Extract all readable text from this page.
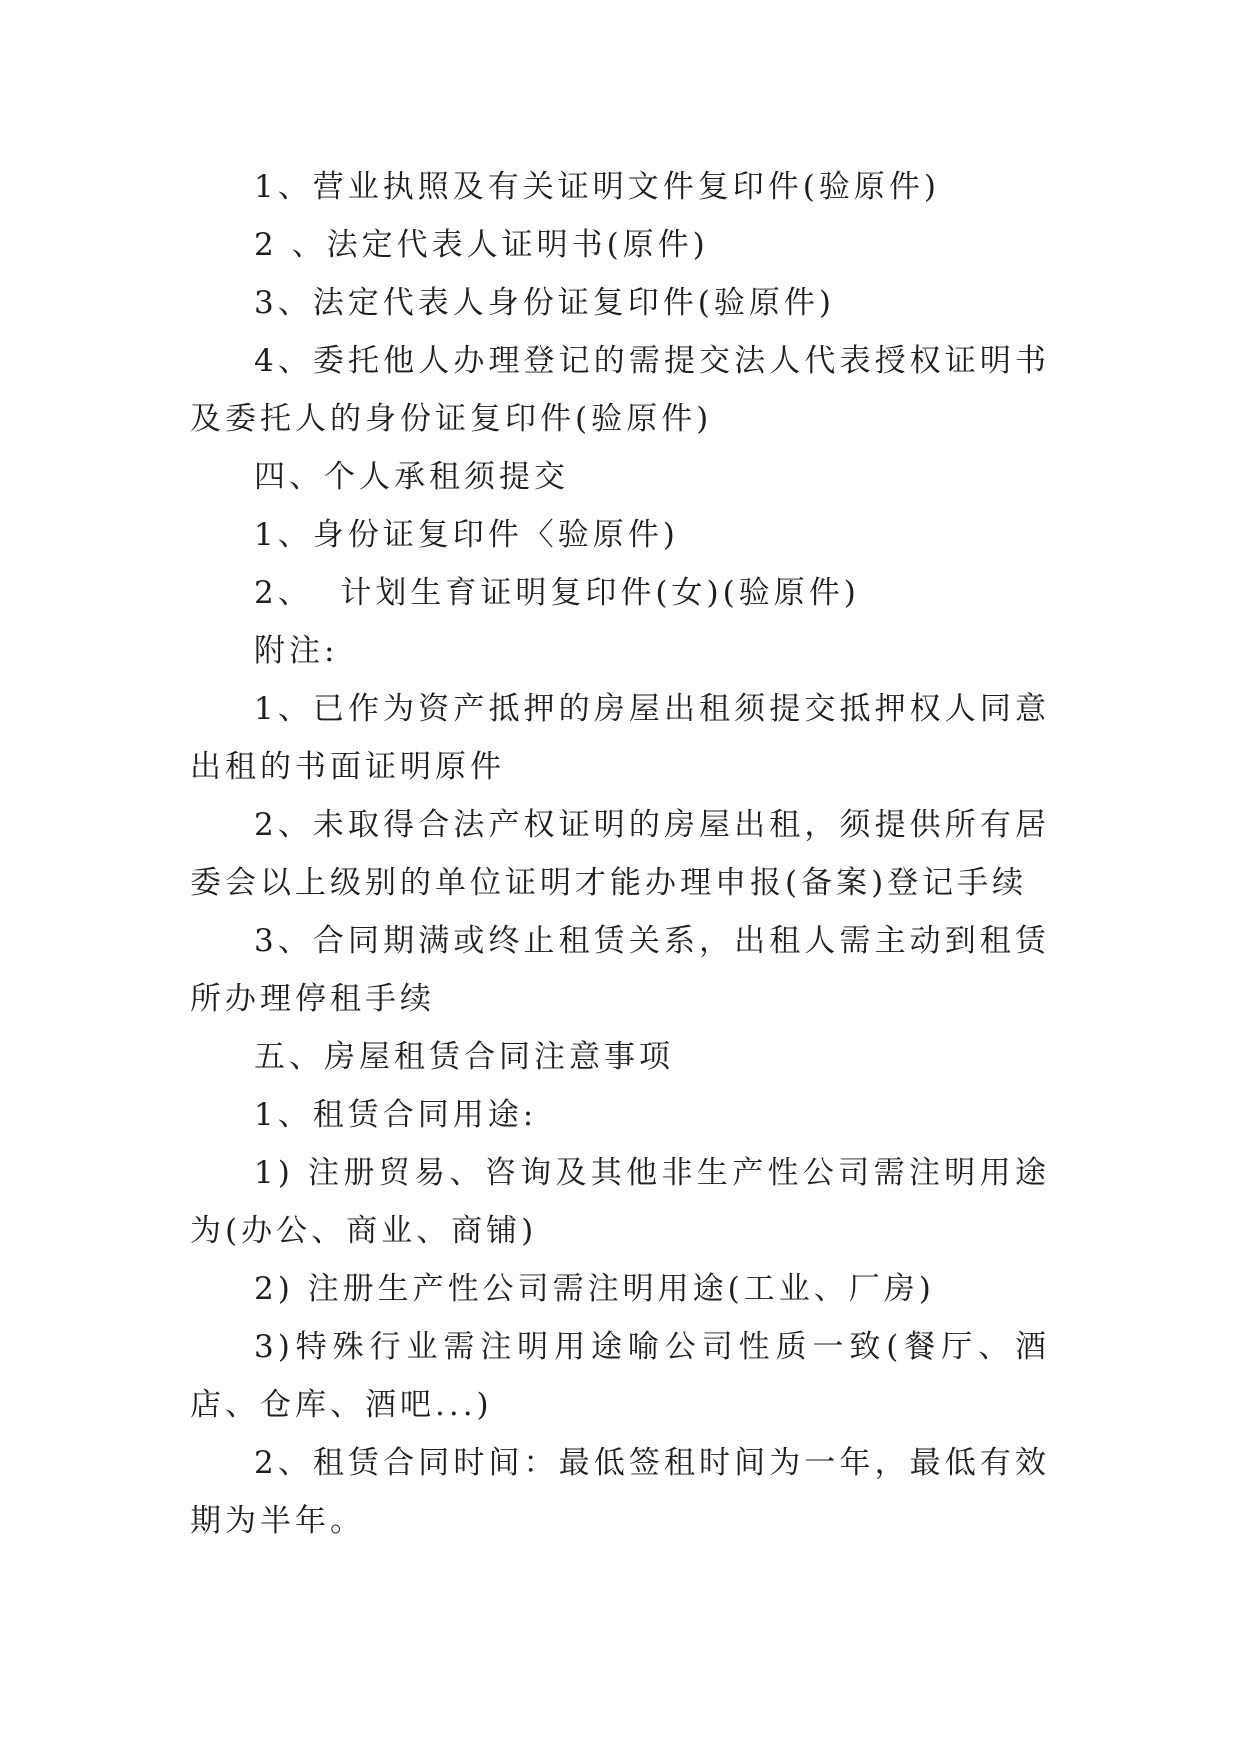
1、营业执照及有关证明文件复印件(验原件)

2 、法定代表人证明书(原件)

3、法定代表人身份证复印件(验原件)

4、委托他人办理登记的需提交法人代表授权证明书及委托人的身份证复印件(验原件)

四、个人承租须提交

1、身份证复印件〈验原件)

2、  计划生育证明复印件(女)(验原件)

附注:

1、已作为资产抵押的房屋出租须提交抵押权人同意出租的书面证明原件

2、未取得合法产权证明的房屋出租，须提供所有居委会以上级别的单位证明才能办理申报(备案)登记手续

3、合同期满或终止租赁关系，出租人需主动到租赁所办理停租手续

五、房屋租赁合同注意事项

1、租赁合同用途:

1) 注册贸易、咨询及其他非生产性公司需注明用途为(办公、商业、商铺)

2) 注册生产性公司需注明用途(工业、厂房)

3)特殊行业需注明用途喻公司性质一致(餐厅、酒店、仓库、酒吧...)

2、租赁合同时间：最低签租时间为一年，最低有效期为半年。
